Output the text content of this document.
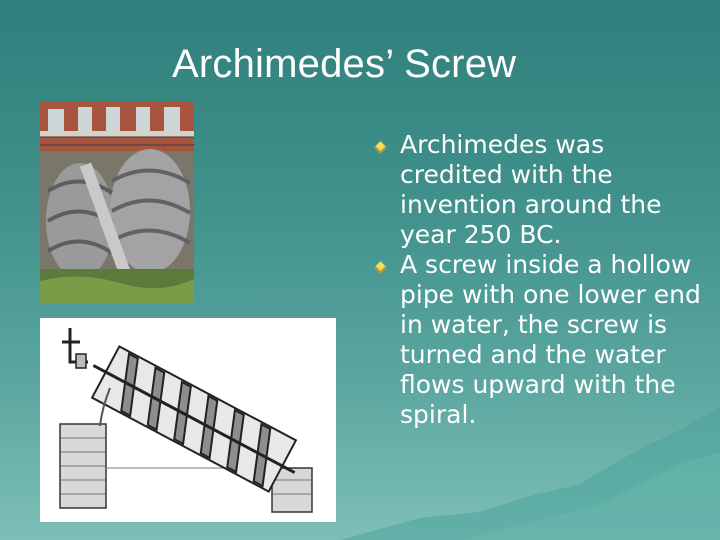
Archimedes’ Screw
Archimedes was credited with the invention around the year 250 BC.
A screw inside a hollow pipe with one lower end in water, the screw is turned and the water flows upward with the spiral.
